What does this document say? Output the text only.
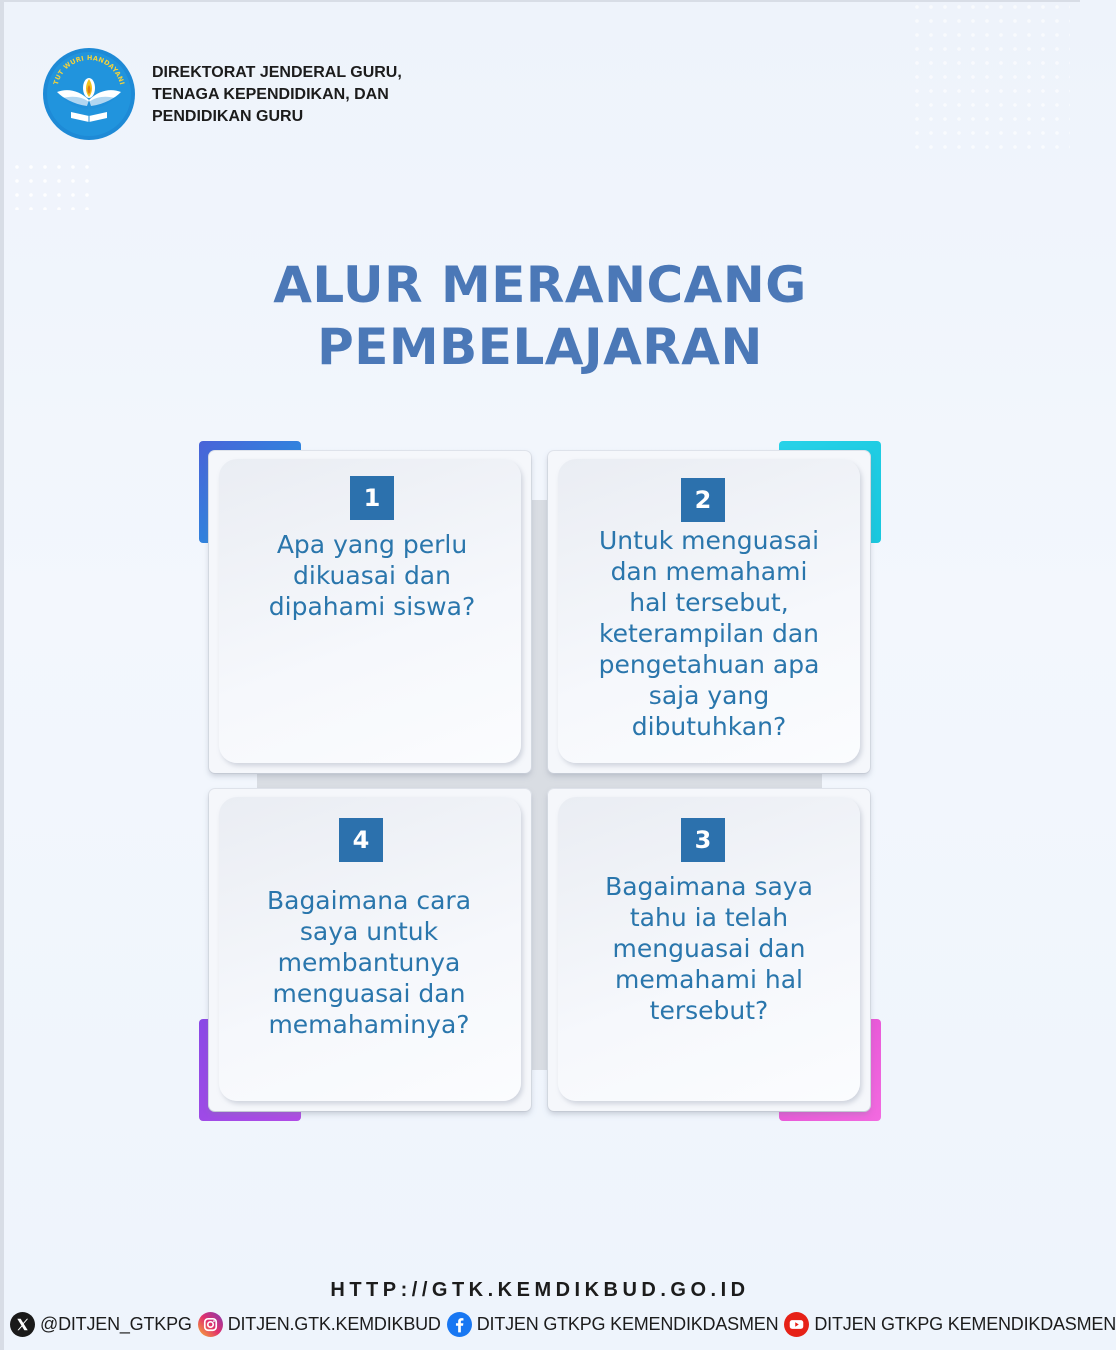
TUT WURI HANDAYANI
DIREKTORAT JENDERAL GURU,
TENAGA KEPENDIDIKAN, DAN
PENDIDIKAN GURU
ALUR MERANCANG
PEMBELAJARAN
1
Apa yang perlu
dikuasai dan
dipahami siswa?
2
Untuk menguasai
dan memahami
hal tersebut,
keterampilan dan
pengetahuan apa
saja yang
dibutuhkan?
4
Bagaimana cara
saya untuk
membantunya
menguasai dan
memahaminya?
3
Bagaimana saya
tahu ia telah
menguasai dan
memahami hal
tersebut?
HTTP://GTK.KEMDIKBUD.GO.ID
@DITJEN_GTKPG DITJEN.GTK.KEMDIKBUD DITJEN GTKPG KEMENDIKDASMEN DITJEN GTKPG KEMENDIKDASMEN
